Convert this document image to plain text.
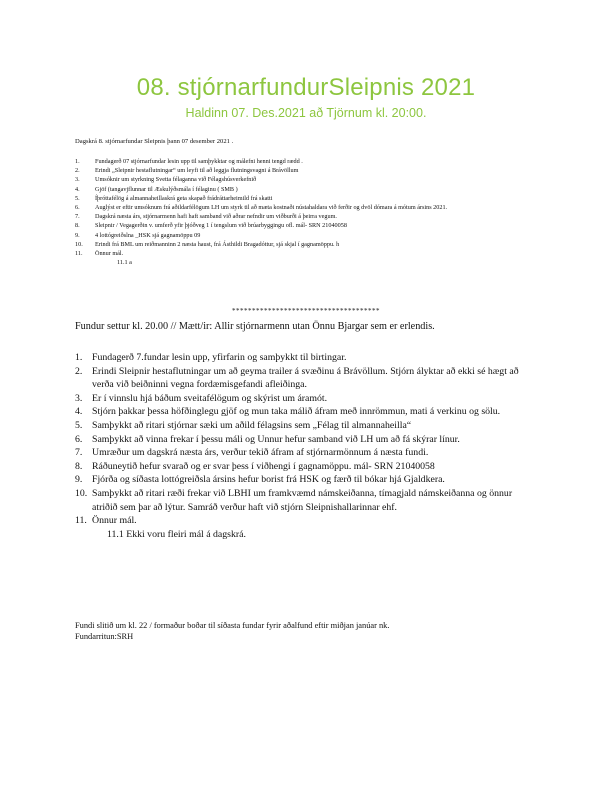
08. stjórnarfundurSleipnis 2021
Haldinn 07. Des.2021 að Tjörnum kl. 20:00.
Dagskrá 8. stjórnarfundar Sleipnis þann 07 desember 2021 .
1. Fundagerð 07 stjórnarfundar lesin upp til samþykktar og málefni henni tengd rædd .
2. Erindi „Sleipnir hestaflutningar“ um leyfi til að leggja flutningsvagni á Brávöllum
3. Umsóknir um styrkning Svetta félaganna við Félagshúsverkefnið
4. Gjöf (tangavjflunnar til Æskulýðsmála í félaginu ( SMB )
5. Íþróttafélög á almannaheillaskrá geta skapað frádráttarheimild frá skatti
6. Auglýst er eftir umsóknum frá aðildarfélögum LH um styrk til að mæta kostnaði nústahaldara við ferðir og dvöl dómara á mótum ársins 2021.
7. Dagskrá næsta árs, stjórnarmenn hafi haft samband við aðrar nefndir um viðburði á þeirra vegum.
8. Sleipnir / Vegagerðin v. umferð yfir þjóðveg 1 í tengslum við brúarbyggingu ofl. mál- SRN 21040058
9. 4 lottógreiðslna _HSK sjá gagnamöppu 09
10. Erindi frá BML um reiðmanninn 2 næsta haust, frá Ásthildi Bragadóttur, sjá skjal í gagnamöppu. h
11. Önnur mál.
11.1 a
*************************************
Fundur settur kl. 20.00 // Mætt/ir: Allir stjórnarmenn utan Önnu Bjargar sem er erlendis.
1. Fundagerð 7.fundar lesin upp, yfirfarin og samþykkt til birtingar.
2. Erindi Sleipnir hestaflutningar um að geyma trailer á svæðinu á Brávöllum. Stjórn ályktar að ekki sé hægt að verða við beiðninni vegna fordæmisgefandi afleiðinga.
3. Er í vinnslu hjá báðum sveitafélögum og skýrist um áramót.
4. Stjórn þakkar þessa höfðinglegu gjöf og mun taka málið áfram með innrömmun, mati á verkinu og sölu.
5. Samþykkt að ritari stjórnar sæki um aðild félagsins sem „Félag til almannaheilla“
6. Samþykkt að vinna frekar í þessu máli og Unnur hefur samband við LH um að fá skýrar línur.
7. Umræður um dagskrá næsta árs, verður tekið áfram af stjórnarmönnum á næsta fundi.
8. Ráðuneytið hefur svarað og er svar þess í viðhengi í gagnamöppu. mál- SRN 21040058
9. Fjórða og síðasta lottógreiðsla ársins hefur borist frá HSK og færð til bókar hjá Gjaldkera.
10. Samþykkt að ritari ræði frekar við LBHI um framkvæmd námskeiðanna, tímagjald námskeiðanna og önnur atriðið sem þar að lýtur. Samráð verður haft við stjórn Sleipnishallarinnar ehf.
11. Önnur mál.
11.1 Ekki voru fleiri mál á dagskrá.
Fundi slitið um kl. 22 / formaður boðar til síðasta fundar fyrir aðalfund eftir miðjan janúar nk.
Fundarritun:SRH
